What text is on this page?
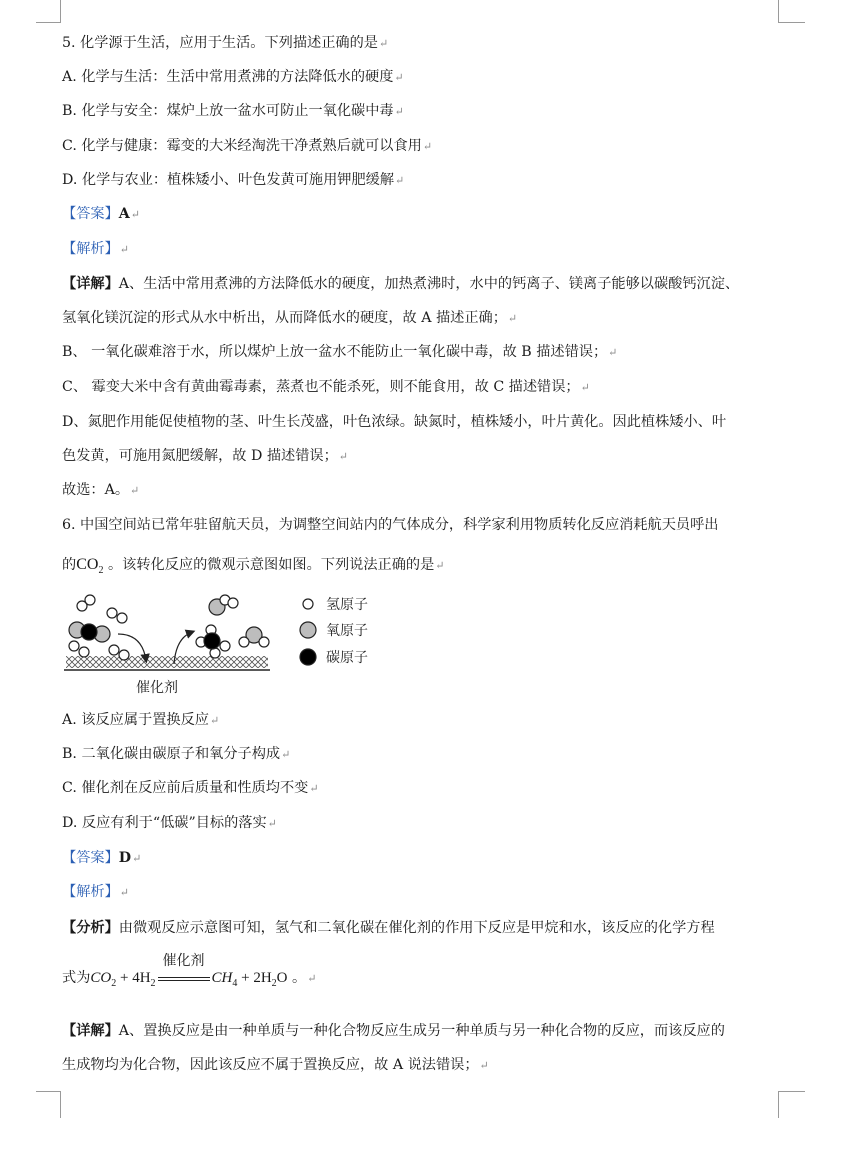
5. 化学源于生活，应用于生活。下列描述正确的是↵
A. 化学与生活：生活中常用煮沸的方法降低水的硬度↵
B. 化学与安全：煤炉上放一盆水可防止一氧化碳中毒↵
C. 化学与健康：霉变的大米经淘洗干净煮熟后就可以食用↵
D. 化学与农业：植株矮小、叶色发黄可施用钾肥缓解↵
【答案】A↵
【解析】↵
【详解】A、生活中常用煮沸的方法降低水的硬度，加热煮沸时，水中的钙离子、镁离子能够以碳酸钙沉淀、
氢氧化镁沉淀的形式从水中析出，从而降低水的硬度，故 A 描述正确；↵
B、 一氧化碳难溶于水，所以煤炉上放一盆水不能防止一氧化碳中毒，故 B 描述错误；↵
C、 霉变大米中含有黄曲霉毒素，蒸煮也不能杀死，则不能食用，故 C 描述错误；↵
D、氮肥作用能促使植物的茎、叶生长茂盛，叶色浓绿。缺氮时，植株矮小，叶片黄化。因此植株矮小、叶
色发黄，可施用氮肥缓解，故 D 描述错误；↵
故选：A。↵
6. 中国空间站已常年驻留航天员，为调整空间站内的气体成分，科学家利用物质转化反应消耗航天员呼出
的$CO_2$ 。该转化反应的微观示意图如图。下列说法正确的是↵
催化剂
氢原子
氧原子
碳原子
A. 该反应属于置换反应↵
B. 二氧化碳由碳原子和氧分子构成↵
C. 催化剂在反应前后质量和性质均不变↵
D. 反应有利于“低碳”目标的落实↵
【答案】D↵
【解析】↵
【分析】由微观反应示意图可知，氢气和二氧化碳在催化剂的作用下反应是甲烷和水，该反应的化学方程
式为$CO_2 + 4H_2$
催化剂
$CH_4 + 2H_2O$ 。↵
【详解】A、置换反应是由一种单质与一种化合物反应生成另一种单质与另一种化合物的反应，而该反应的
生成物均为化合物，因此该反应不属于置换反应，故 A 说法错误；↵
